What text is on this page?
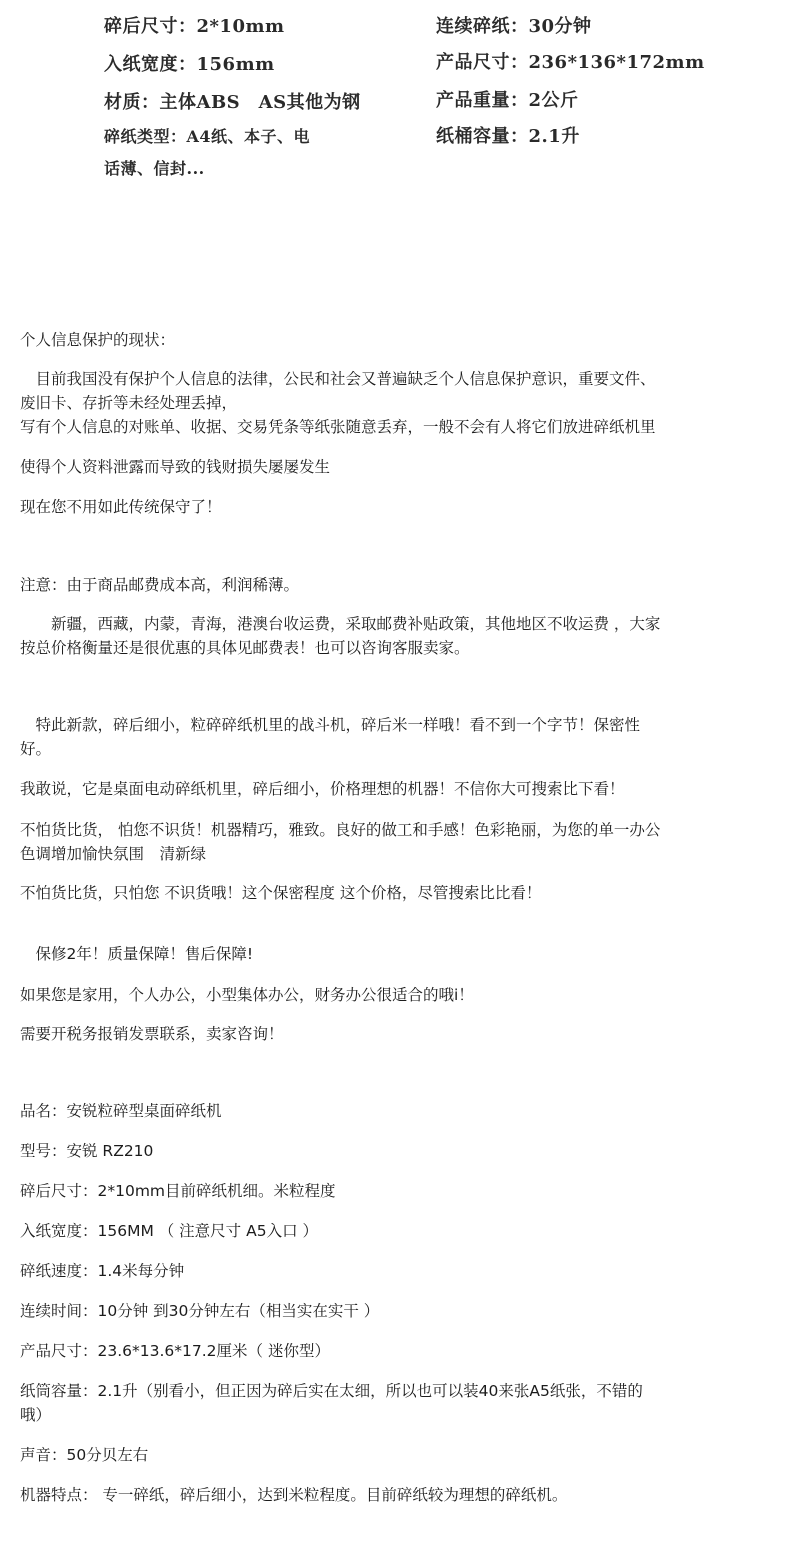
碎后尺寸：2*10mm
入纸宽度：156mm
材质：主体ABS　AS其他为钢
碎纸类型：A4纸、本子、电
话薄、信封...
连续碎纸：30分钟
产品尺寸：236*136*172mm
产品重量：2公斤
纸桶容量：2.1升
个人信息保护的现状：
　目前我国没有保护个人信息的法律，公民和社会又普遍缺乏个人信息保护意识，重要文件、
废旧卡、存折等未经处理丢掉，
写有个人信息的对账单、收据、交易凭条等纸张随意丢弃，一般不会有人将它们放进碎纸机里
使得个人资料泄露而导致的钱财损失屡屡发生
现在您不用如此传统保守了！
注意：由于商品邮费成本高，利润稀薄。
　　新疆，西藏，内蒙，青海，港澳台收运费，采取邮费补贴政策，其他地区不收运费 ，大家
按总价格衡量还是很优惠的具体见邮费表！也可以咨询客服卖家。
　特此新款，碎后细小，粒碎碎纸机里的战斗机，碎后米一样哦！看不到一个字节！保密性
好。
我敢说，它是桌面电动碎纸机里，碎后细小，价格理想的机器！不信你大可搜索比下看！
不怕货比货， 怕您不识货！机器精巧，雅致。良好的做工和手感！色彩艳丽，为您的单一办公
色调增加愉快氛围　清新绿
不怕货比货，只怕您 不识货哦！这个保密程度 这个价格，尽管搜索比比看！
　保修2年！质量保障！售后保障!
如果您是家用，个人办公，小型集体办公，财务办公很适合的哦i！
需要开税务报销发票联系，卖家咨询！
品名：安锐粒碎型桌面碎纸机
型号：安锐 RZ210
碎后尺寸：2*10mm目前碎纸机细。米粒程度
入纸宽度：156MM （ 注意尺寸 A5入口 ）
碎纸速度：1.4米每分钟
连续时间：10分钟 到30分钟左右（相当实在实干 ）
产品尺寸：23.6*13.6*17.2厘米（ 迷你型）
纸筒容量：2.1升（别看小，但正因为碎后实在太细，所以也可以装40来张A5纸张，不错的
哦）
声音：50分贝左右
机器特点： 专一碎纸，碎后细小，达到米粒程度。目前碎纸较为理想的碎纸机。
